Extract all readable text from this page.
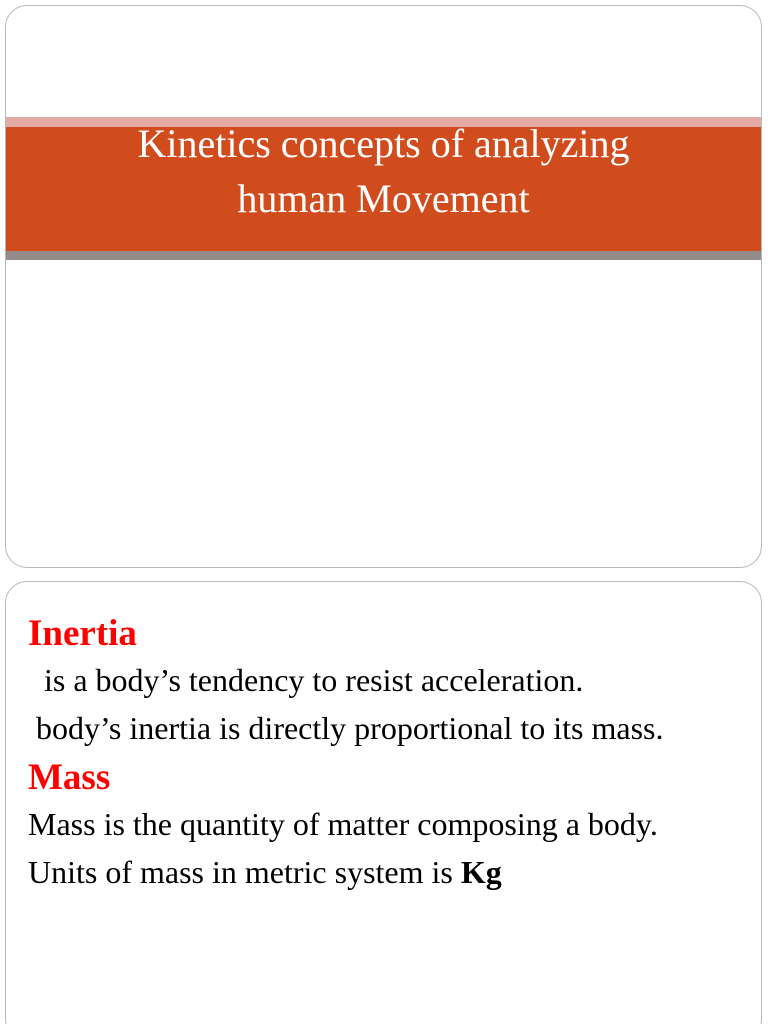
Kinetics concepts of analyzing
human Movement

Inertia

is a body’s tendency to resist acceleration.

body’s inertia is directly proportional to its mass.

Mass

Mass is the quantity of matter composing a body.

Units of mass in metric system is Kg
